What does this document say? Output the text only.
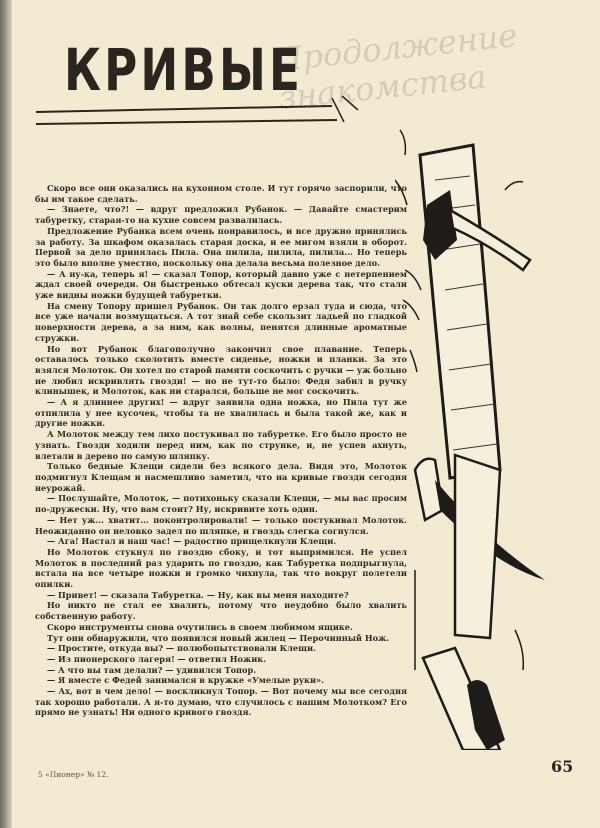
Продолжение знакомства
КРИВЫЕ

Скоро все они оказались на кухонном столе. И тут горячо заспорили, что бы им такое сделать.

— Знаете, что?! — вдруг предложил Рубанок. — Давайте смастерим табуретку, старая-то на кухне совсем развалилась.

Предложение Рубанка всем очень понравилось, и все дружно принялись за работу. За шкафом оказалась старая доска, и ее мигом взяли в оборот. Первой за дело принялась Пила. Она пилила, пилила, пилила... Но теперь это было вполне уместно, поскольку она делала весьма полезное дело.

— А ну-ка, теперь я! — сказал Топор, который давно уже с нетерпением ждал своей очереди. Он быстренько обтесал куски дерева так, что стали уже видны ножки будущей табуретки.

На смену Топору пришел Рубанок. Он так долго ерзал туда и сюда, что все уже начали возмущаться. А тот знай себе скользит ладьей по гладкой поверхности дерева, а за ним, как волны, пенятся длинные ароматные стружки.

Но вот Рубанок благополучно закончил свое плавание. Теперь оставалось только сколотить вместе сиденье, ножки и планки. За это взялся Молоток. Он хотел по старой памяти соскочить с ручки — уж больно не любил искривлять гвозди! — но не тут-то было: Федя забил в ручку клинышек, и Молоток, как ни старался, больше не мог соскочить.

— А я длиннее других! — вдруг заявила одна ножка, но Пила тут же отпилила у нее кусочек, чтобы та не хвалилась и была такой же, как и другие ножки.

А Молоток между тем лихо постукивал по табуретке. Его было просто не узнать. Гвозди ходили перед ним, как по струнке, и, не успев ахнуть, влетали в дерево по самую шляпку.

Только бедные Клещи сидели без всякого дела. Видя это, Молоток подмигнул Клещам и насмешливо заметил, что на кривые гвозди сегодня неурожай.

— Послушайте, Молоток, — потихоньку сказали Клещи, — мы вас просим по-дружески. Ну, что вам стоит? Ну, искривите хоть один.

— Нет уж... хватит... поконтролировали! — только постукивал Молоток. Неожиданно он неловко задел по шляпке, и гвоздь слегка согнулся.

— Ага! Настал и наш час! — радостно прищелкнули Клещи.

Но Молоток стукнул по гвоздю сбоку, и тот выпрямился. Не успел Молоток в последний раз ударить по гвоздю, как Табуретка подпрыгнула, встала на все четыре ножки и громко чихнула, так что вокруг полетели опилки.

— Привет! — сказала Табуретка. — Ну, как вы меня находите?

Но никто не стал ее хвалить, потому что неудобно было хвалить собственную работу.

Скоро инструменты снова очутились в своем любимом ящике.

Тут они обнаружили, что появился новый жилец — Перочинный Нож.

— Простите, откуда вы? — полюбопытствовали Клещи.

— Из пионерского лагеря! — ответил Ножик.

— А что вы там делали? — удивился Топор.

— Я вместе с Федей занимался в кружке «Умелые руки».

— Ах, вот в чем дело! — воскликнул Топор. — Вот почему мы все сегодня так хорошо работали. А я-то думаю, что случилось с нашим Молотком? Его прямо не узнать! Ни одного кривого гвоздя.

5 «Пионер» № 12.	65
